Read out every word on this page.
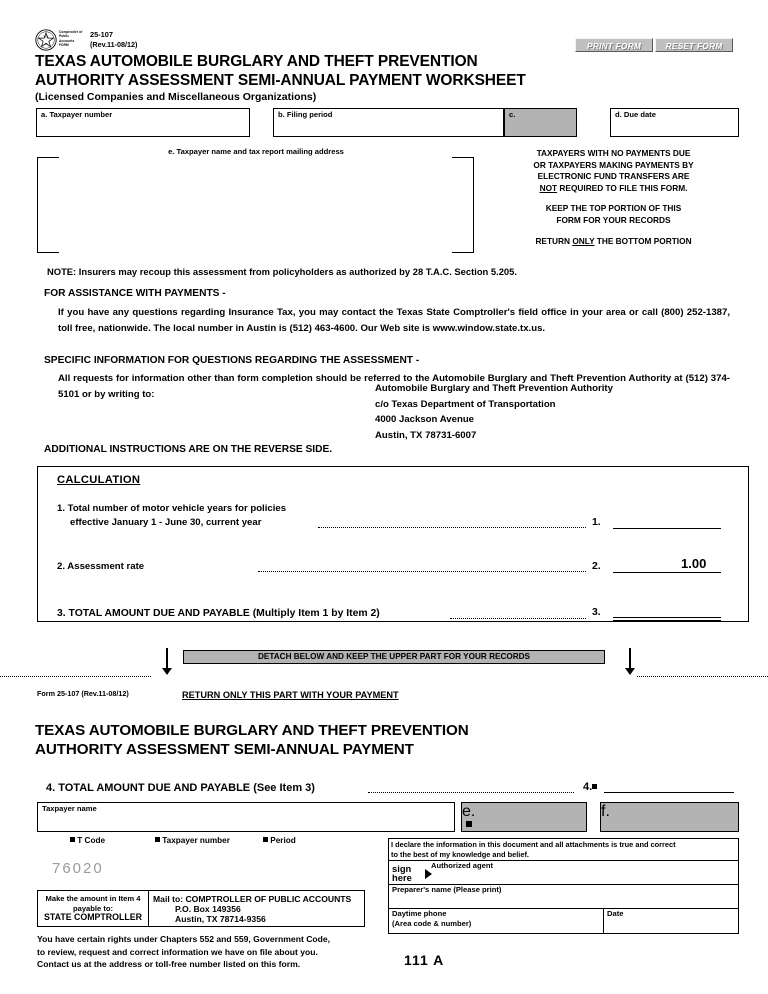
TEX
AS
Comptroller of Public Accounts FORM
25-107
(Rev.11-08/12)	PRINT FORM	RESET FORM
TEXAS AUTOMOBILE BURGLARY AND THEFT PREVENTION
AUTHORITY ASSESSMENT SEMI-ANNUAL PAYMENT WORKSHEET
(Licensed Companies and Miscellaneous Organizations)
a. Taxpayer number	b. Filing period	c.	d. Due date
e. Taxpayer name and tax report mailing address	TAXPAYERS WITH NO PAYMENTS DUE
OR TAXPAYERS MAKING PAYMENTS BY
ELECTRONIC FUND TRANSFERS ARE
NOT REQUIRED TO FILE THIS FORM.
KEEP THE TOP PORTION OF THIS
FORM FOR YOUR RECORDS
RETURN ONLY THE BOTTOM PORTION
NOTE: Insurers may recoup this assessment from policyholders as authorized by 28 T.A.C. Section 5.205.
FOR ASSISTANCE WITH PAYMENTS -
If you have any questions regarding Insurance Tax, you may contact the Texas State Comptroller's field office in your area or call (800) 252-1387, toll free, nationwide. The local number in Austin is (512) 463-4600. Our Web site is www.window.state.tx.us.
SPECIFIC INFORMATION FOR QUESTIONS REGARDING THE ASSESSMENT -
All requests for information other than form completion should be referred to the Automobile Burglary and Theft Prevention Authority at (512) 374-5101 or by writing to:	Automobile Burglary and Theft Prevention Authority
c/o Texas Department of Transportation
4000 Jackson Avenue
Austin, TX 78731-6007
ADDITIONAL INSTRUCTIONS ARE ON THE REVERSE SIDE.
CALCULATION
1. Total number of motor vehicle years for policies
effective January 1 - June 30, current year	1.
2. Assessment rate	2.	1.00
3. TOTAL AMOUNT DUE AND PAYABLE (Multiply Item 1 by Item 2)	3.
DETACH BELOW AND KEEP THE UPPER PART FOR YOUR RECORDS
Form 25-107 (Rev.11-08/12)	RETURN ONLY THIS PART WITH YOUR PAYMENT
TEXAS AUTOMOBILE BURGLARY AND THEFT PREVENTION
AUTHORITY ASSESSMENT SEMI-ANNUAL PAYMENT
4. TOTAL AMOUNT DUE AND PAYABLE (See Item 3)	4.
Taxpayer name	e.	f.
T Code	Taxpayer number	Period
76020
Make the amount in Item 4
payable to:
STATE COMPTROLLER
Mail to: COMPTROLLER OF PUBLIC ACCOUNTS
P.O. Box 149356
Austin, TX 78714-9356
You have certain rights under Chapters 552 and 559, Government Code,
to review, request and correct information we have on file about you.
Contact us at the address or toll-free number listed on this form.	111 A
I declare the information in this document and all attachments is true and correct
to the best of my knowledge and belief.
sign
here
Authorized agent
Preparer's name (Please print)
Daytime phone
(Area code & number)
Date
